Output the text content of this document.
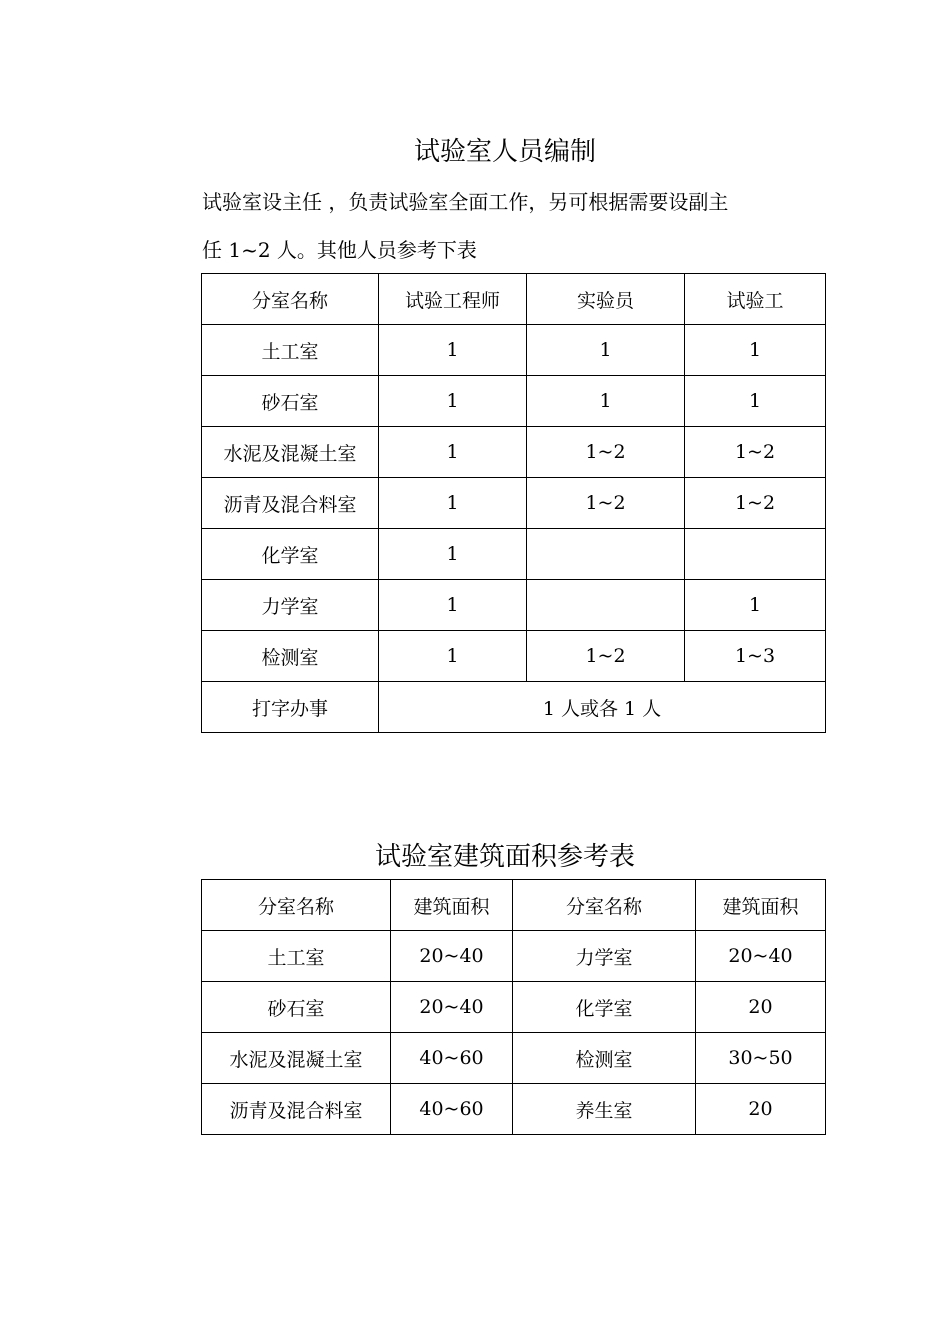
试验室人员编制

试验室设主任 ，负责试验室全面工作，另可根据需要设副主
任 1~2 人。其他人员参考下表

分室名称	试验工程师	实验员	试验工
土工室	1	1	1
砂石室	1	1	1
水泥及混凝土室	1	1~2	1~2
沥青及混合料室	1	1~2	1~2
化学室	1		
力学室	1		1
检测室	1	1~2	1~3
打字办事	1 人或各 1 人		
试验室建筑面积参考表
分室名称	建筑面积	分室名称	建筑面积
土工室	20~40	力学室	20~40
砂石室	20~40	化学室	20
水泥及混凝土室	40~60	检测室	30~50
沥青及混合料室	40~60	养生室	20
